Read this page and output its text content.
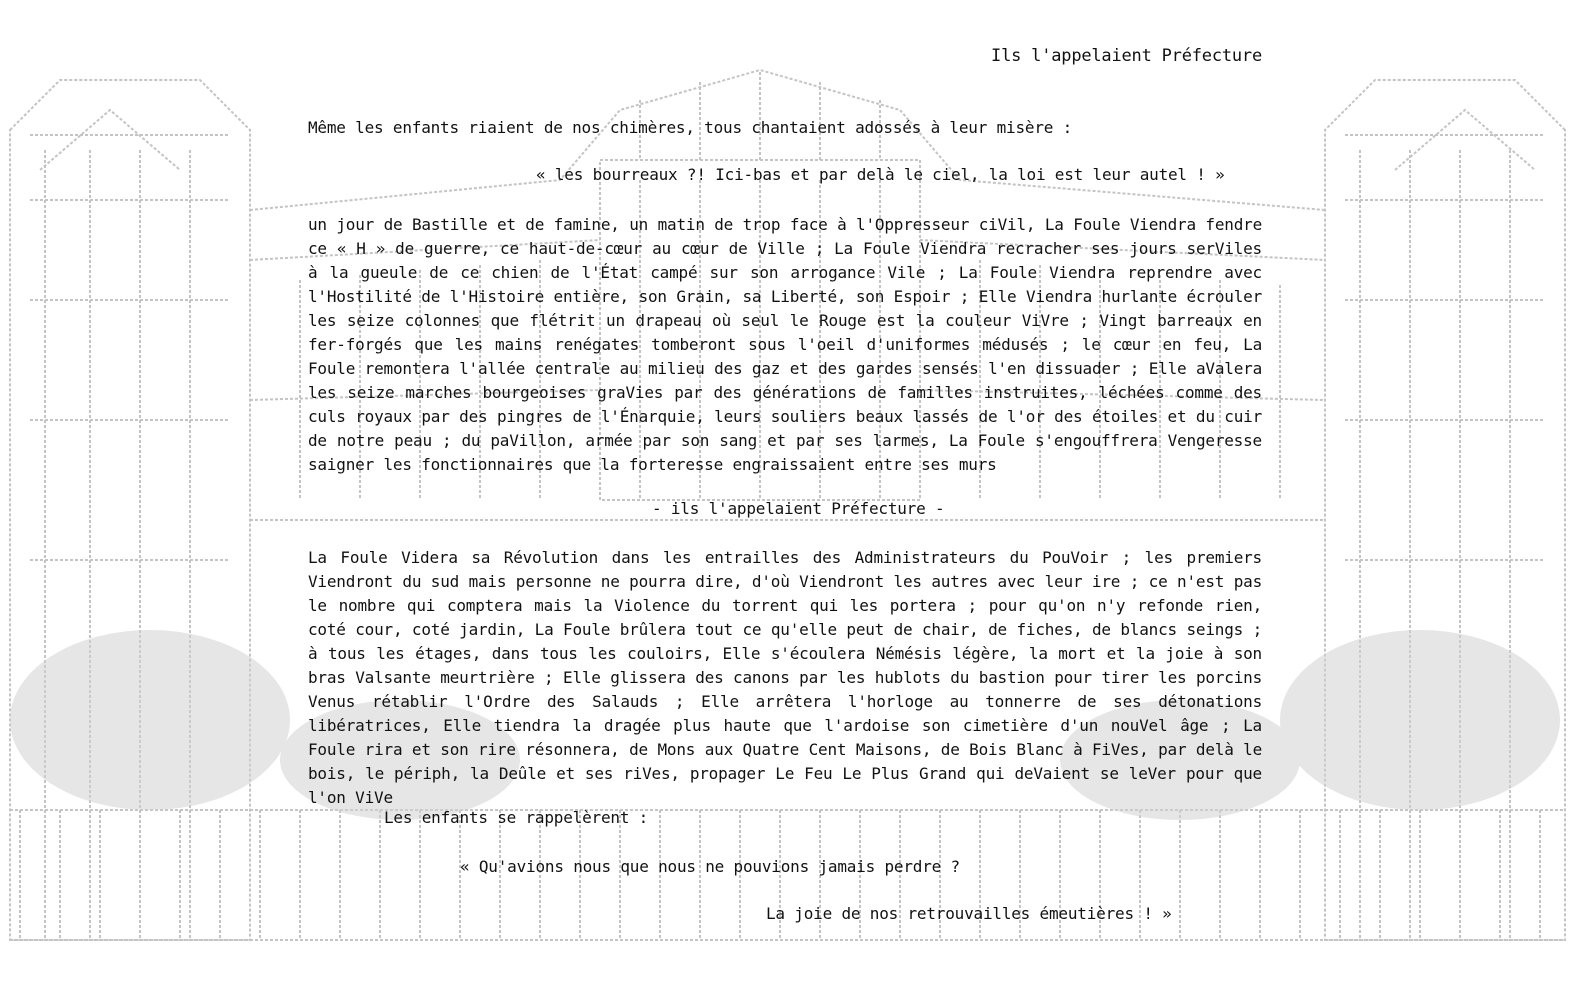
Ils l'appelaient Préfecture
Même les enfants riaient de nos chimères, tous chantaient adossés à leur misère :
« les bourreaux ?! Ici-bas et par delà le ciel, la loi est leur autel ! »
un jour de Bastille et de famine, un matin de trop face à l'Oppresseur ciVil, La Foule Viendra fendre ce « H » de guerre, ce haut-de-cœur au cœur de Ville ; La Foule Viendra recracher ses jours serViles à la gueule de ce chien de l'État campé sur son arrogance Vile ; La Foule Viendra reprendre avec l'Hostilité de l'Histoire entière, son Grain, sa Liberté, son Espoir ; Elle Viendra hurlante écrouler les seize colonnes que flétrit un drapeau où seul le Rouge est la couleur ViVre ; Vingt barreaux en fer-forgés que les mains renégates tomberont sous l'oeil d'uniformes médusés ; le cœur en feu, La Foule remontera l'allée centrale au milieu des gaz et des gardes sensés l'en dissuader ; Elle aValera les seize marches bourgeoises graVies par des générations de familles instruites, léchées comme des culs royaux par des pingres de l'Énarquie, leurs souliers beaux lassés de l'or des étoiles et du cuir de notre peau ; du paVillon, armée par son sang et par ses larmes, La Foule s'engouffrera Vengeresse saigner les fonctionnaires que la forteresse engraissaient entre ses murs
- ils l'appelaient Préfecture -
La Foule Videra sa Révolution dans les entrailles des Administrateurs du PouVoir ; les premiers Viendront du sud mais personne ne pourra dire, d'où Viendront les autres avec leur ire ; ce n'est pas le nombre qui comptera mais la Violence du torrent qui les portera ; pour qu'on n'y refonde rien, coté cour, coté jardin, La Foule brûlera tout ce qu'elle peut de chair, de fiches, de blancs seings ; à tous les étages, dans tous les couloirs, Elle s'écoulera Némésis légère, la mort et la joie à son bras Valsante meurtrière ; Elle glissera des canons par les hublots du bastion pour tirer les porcins Venus rétablir l'Ordre des Salauds ; Elle arrêtera l'horloge au tonnerre de ses détonations libératrices, Elle tiendra la dragée plus haute que l'ardoise son cimetière d'un nouVel âge ; La Foule rira et son rire résonnera, de Mons aux Quatre Cent Maisons, de Bois Blanc à FiVes, par delà le bois, le périph, la Deûle et ses riVes, propager Le Feu Le Plus Grand qui deVaient se leVer pour que l'on ViVe
Les enfants se rappelèrent :
« Qu'avions nous que nous ne pouvions jamais perdre ?
La joie de nos retrouvailles émeutières ! »
